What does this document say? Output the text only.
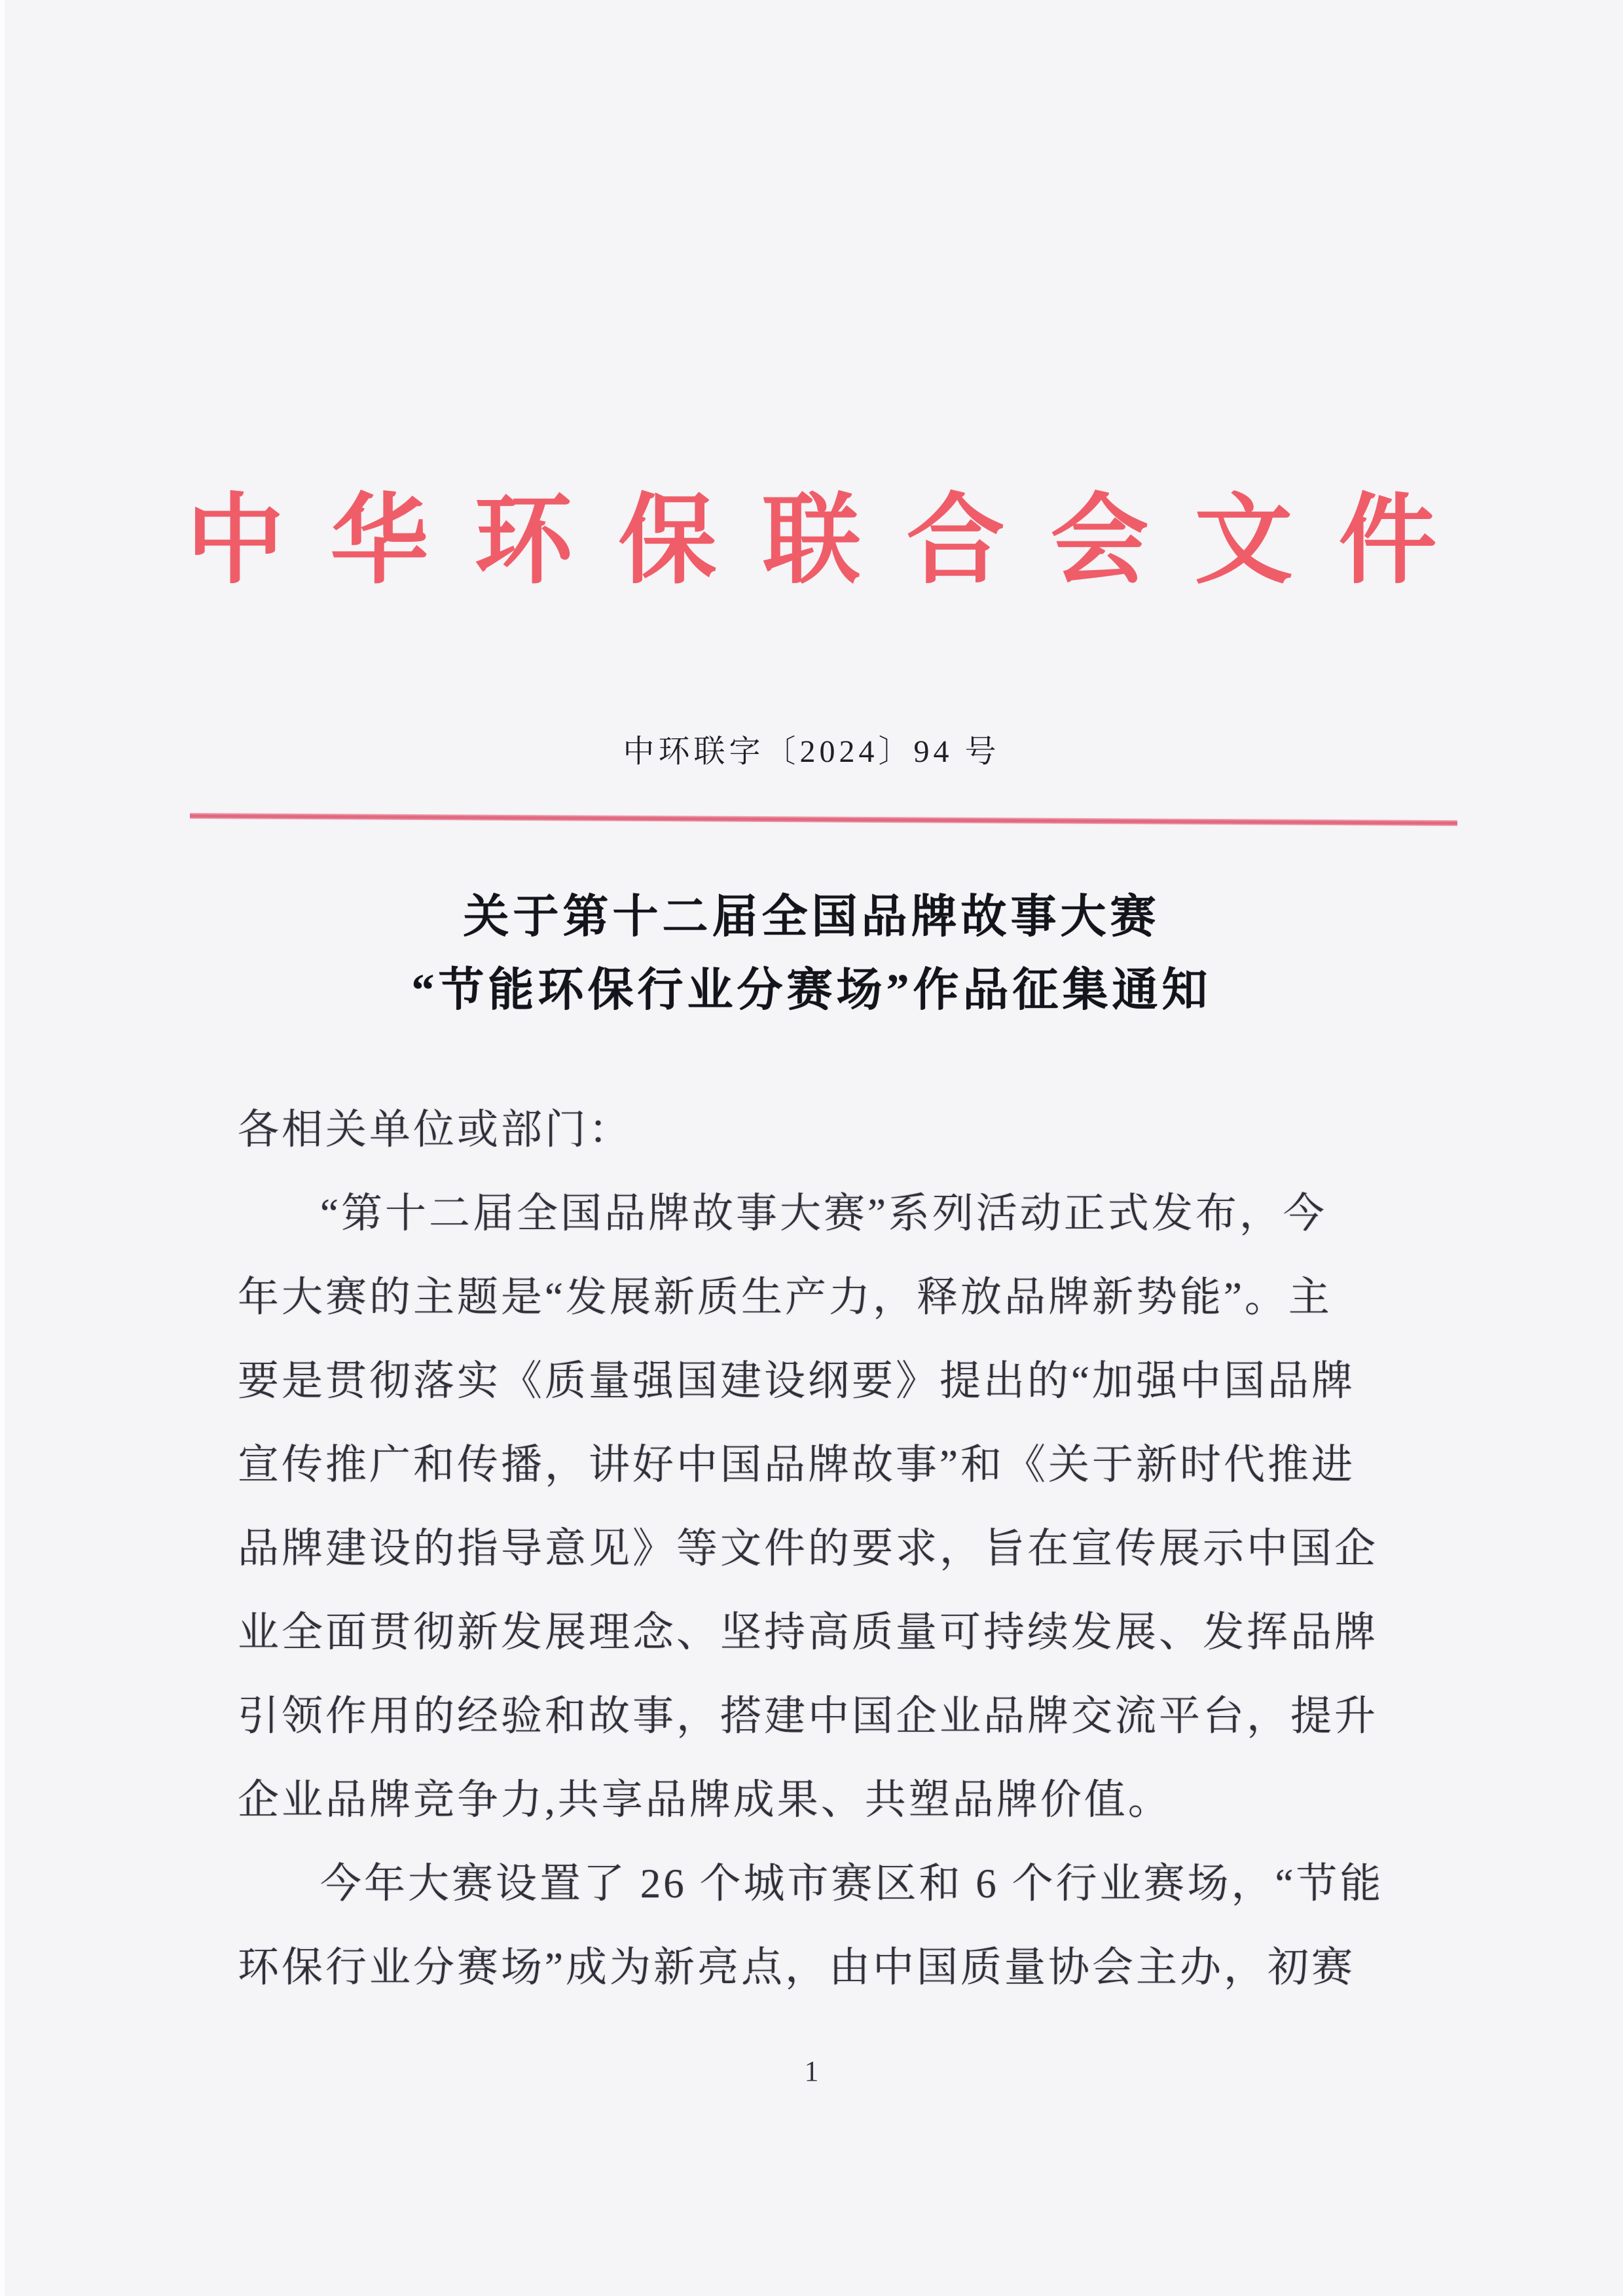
中华环保联合会文件
中环联字〔2024〕94 号
关于第十二届全国品牌故事大赛
“节能环保行业分赛场”作品征集通知
各相关单位或部门：
“第十二届全国品牌故事大赛”系列活动正式发布，今
年大赛的主题是“发展新质生产力，释放品牌新势能”。主
要是贯彻落实《质量强国建设纲要》提出的“加强中国品牌
宣传推广和传播，讲好中国品牌故事”和《关于新时代推进
品牌建设的指导意见》等文件的要求，旨在宣传展示中国企
业全面贯彻新发展理念、坚持高质量可持续发展、发挥品牌
引领作用的经验和故事，搭建中国企业品牌交流平台，提升
企业品牌竞争力,共享品牌成果、共塑品牌价值。
今年大赛设置了 26 个城市赛区和 6 个行业赛场，“节能
环保行业分赛场”成为新亮点，由中国质量协会主办，初赛
1
